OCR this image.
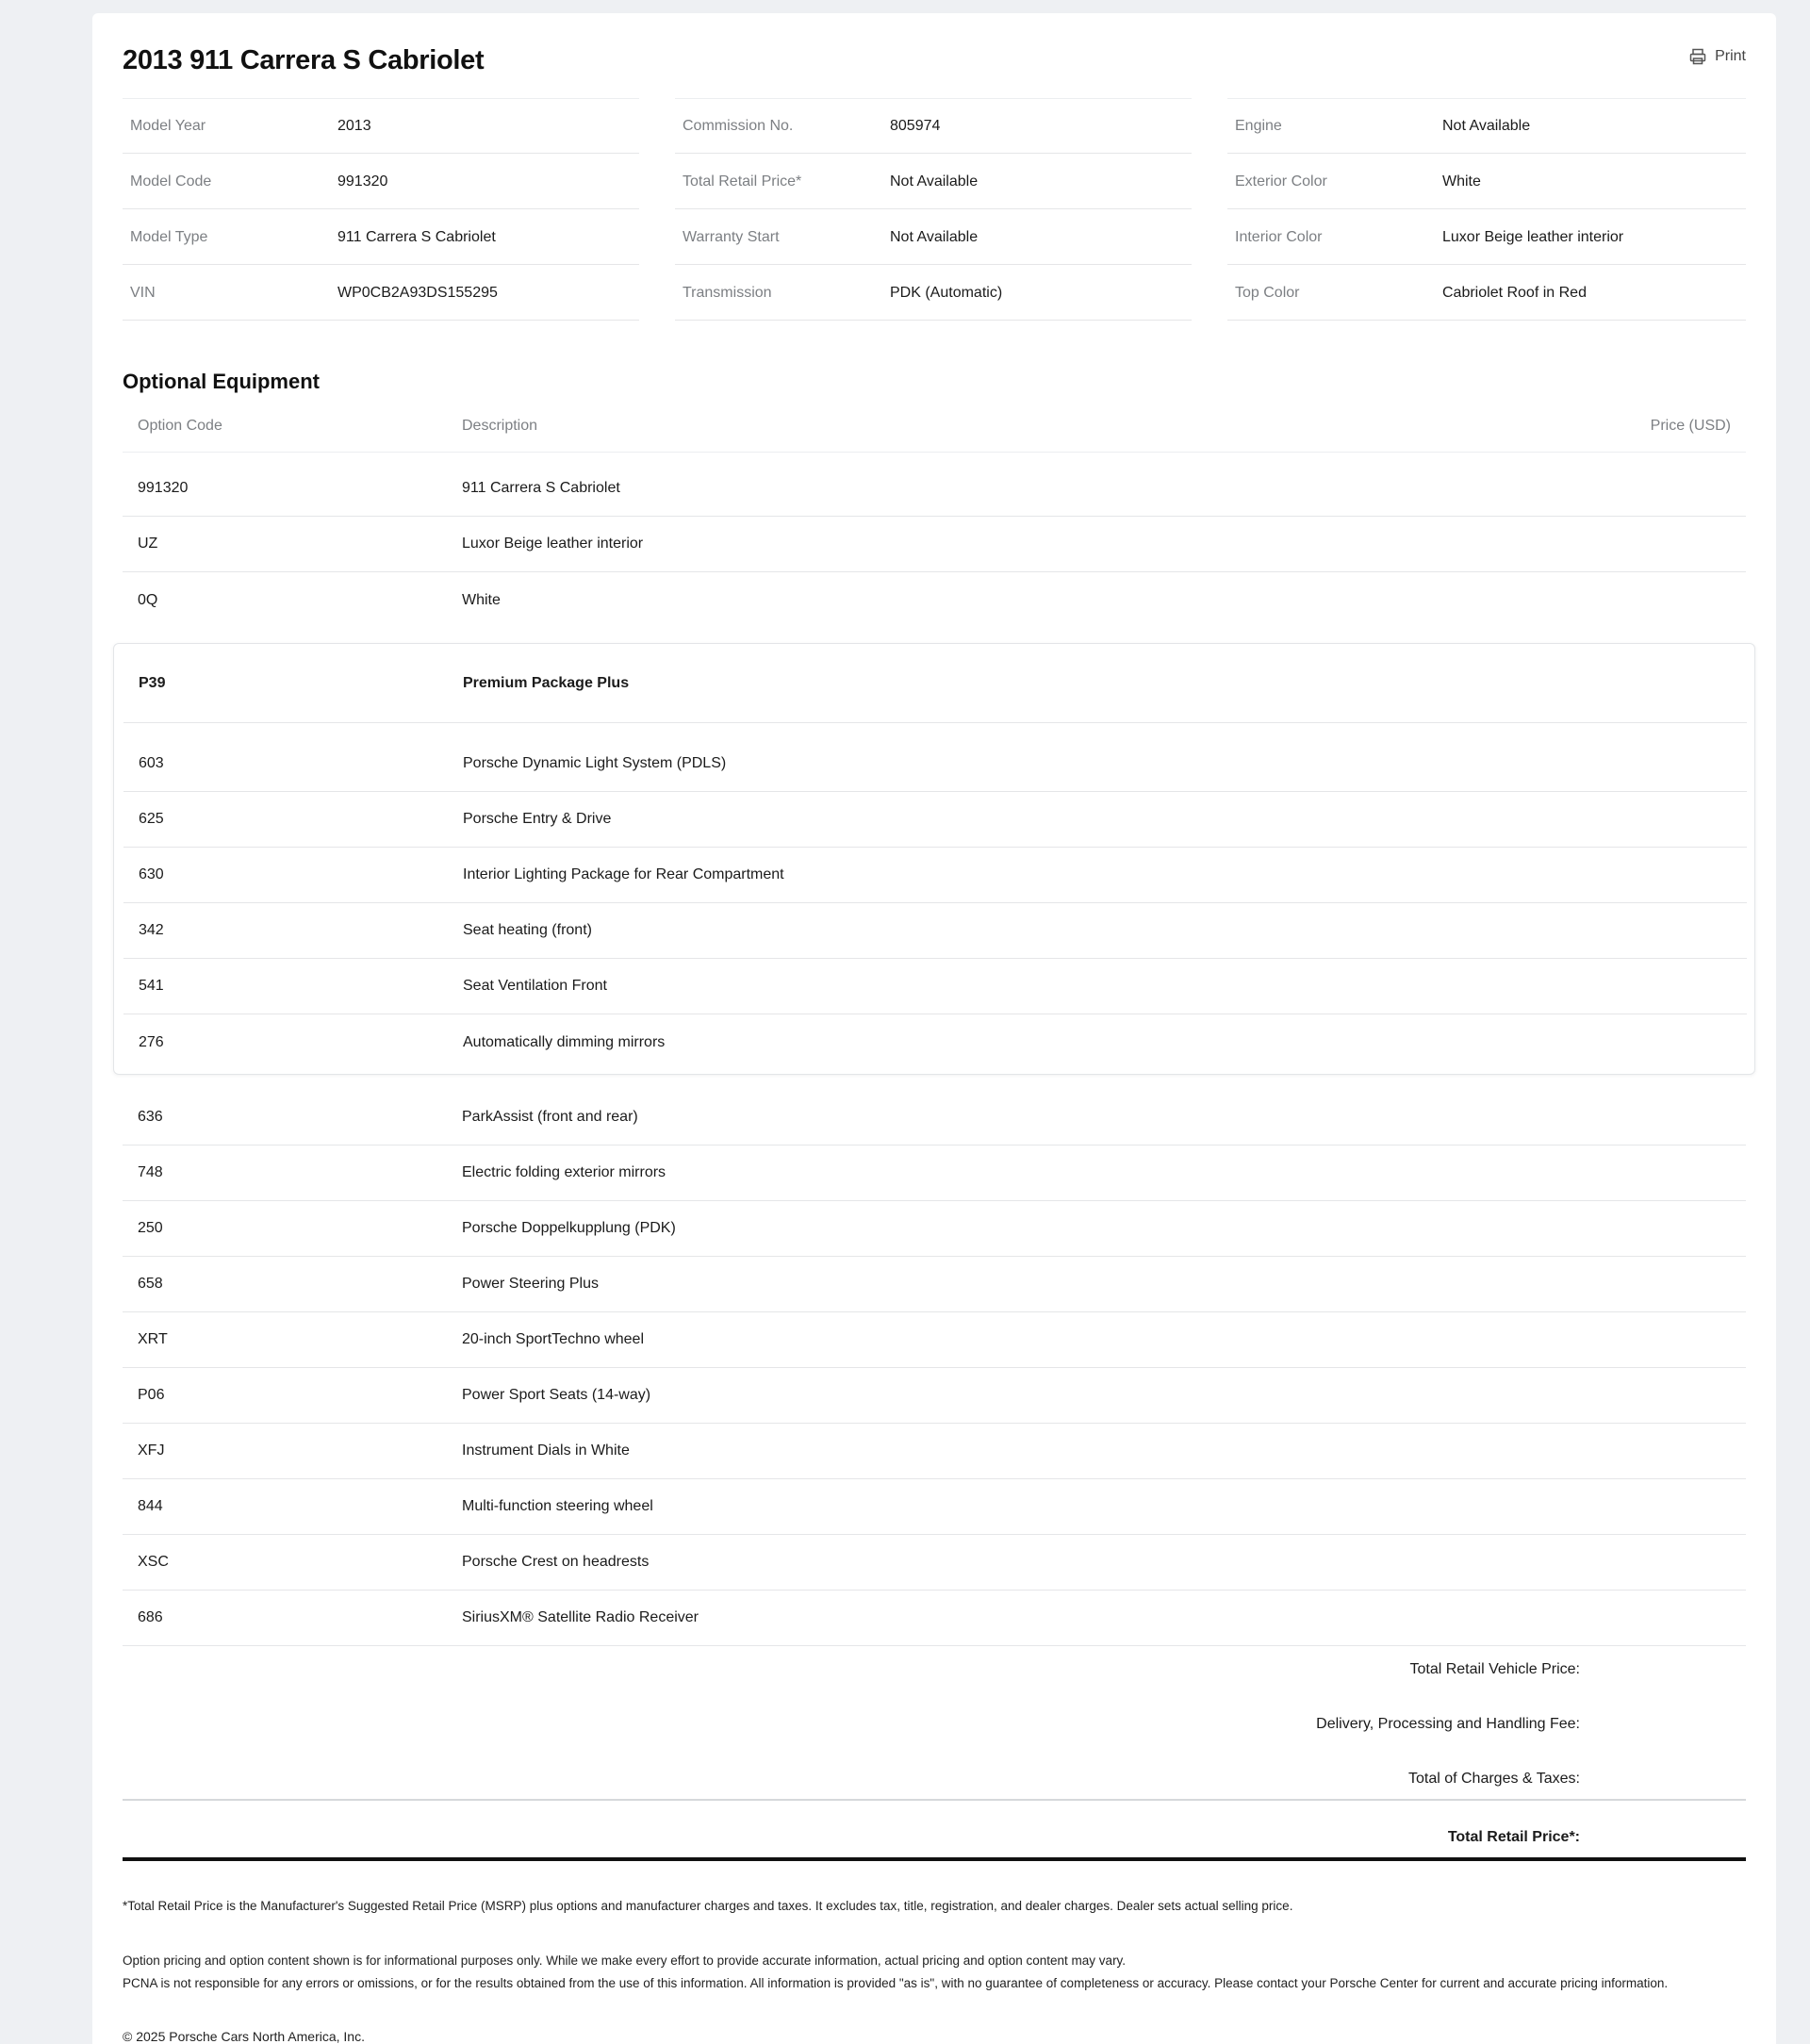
2013 911 Carrera S Cabriolet	Print
Model Year	2013
Model Code	991320
Model Type	911 Carrera S Cabriolet
VIN	WP0CB2A93DS155295
Commission No.	805974
Total Retail Price*	Not Available
Warranty Start	Not Available
Transmission	PDK (Automatic)
Engine	Not Available
Exterior Color	White
Interior Color	Luxor Beige leather interior
Top Color	Cabriolet Roof in Red
Optional Equipment
Option Code	Description	Price (USD)
991320	911 Carrera S Cabriolet
UZ	Luxor Beige leather interior
0Q	White
P39	Premium Package Plus
603	Porsche Dynamic Light System (PDLS)
625	Porsche Entry & Drive
630	Interior Lighting Package for Rear Compartment
342	Seat heating (front)
541	Seat Ventilation Front
276	Automatically dimming mirrors
636	ParkAssist (front and rear)
748	Electric folding exterior mirrors
250	Porsche Doppelkupplung (PDK)
658	Power Steering Plus
XRT	20-inch SportTechno wheel
P06	Power Sport Seats (14-way)
XFJ	Instrument Dials in White
844	Multi-function steering wheel
XSC	Porsche Crest on headrests
686	SiriusXM® Satellite Radio Receiver
Total Retail Vehicle Price:
Delivery, Processing and Handling Fee:
Total of Charges & Taxes:
Total Retail Price*:

*Total Retail Price is the Manufacturer's Suggested Retail Price (MSRP) plus options and manufacturer charges and taxes. It excludes tax, title, registration, and dealer charges. Dealer sets actual selling price.

Option pricing and option content shown is for informational purposes only. While we make every effort to provide accurate information, actual pricing and option content may vary.

PCNA is not responsible for any errors or omissions, or for the results obtained from the use of this information. All information is provided "as is", with no guarantee of completeness or accuracy. Please contact your Porsche Center for current and accurate pricing information.

© 2025 Porsche Cars North America, Inc.
